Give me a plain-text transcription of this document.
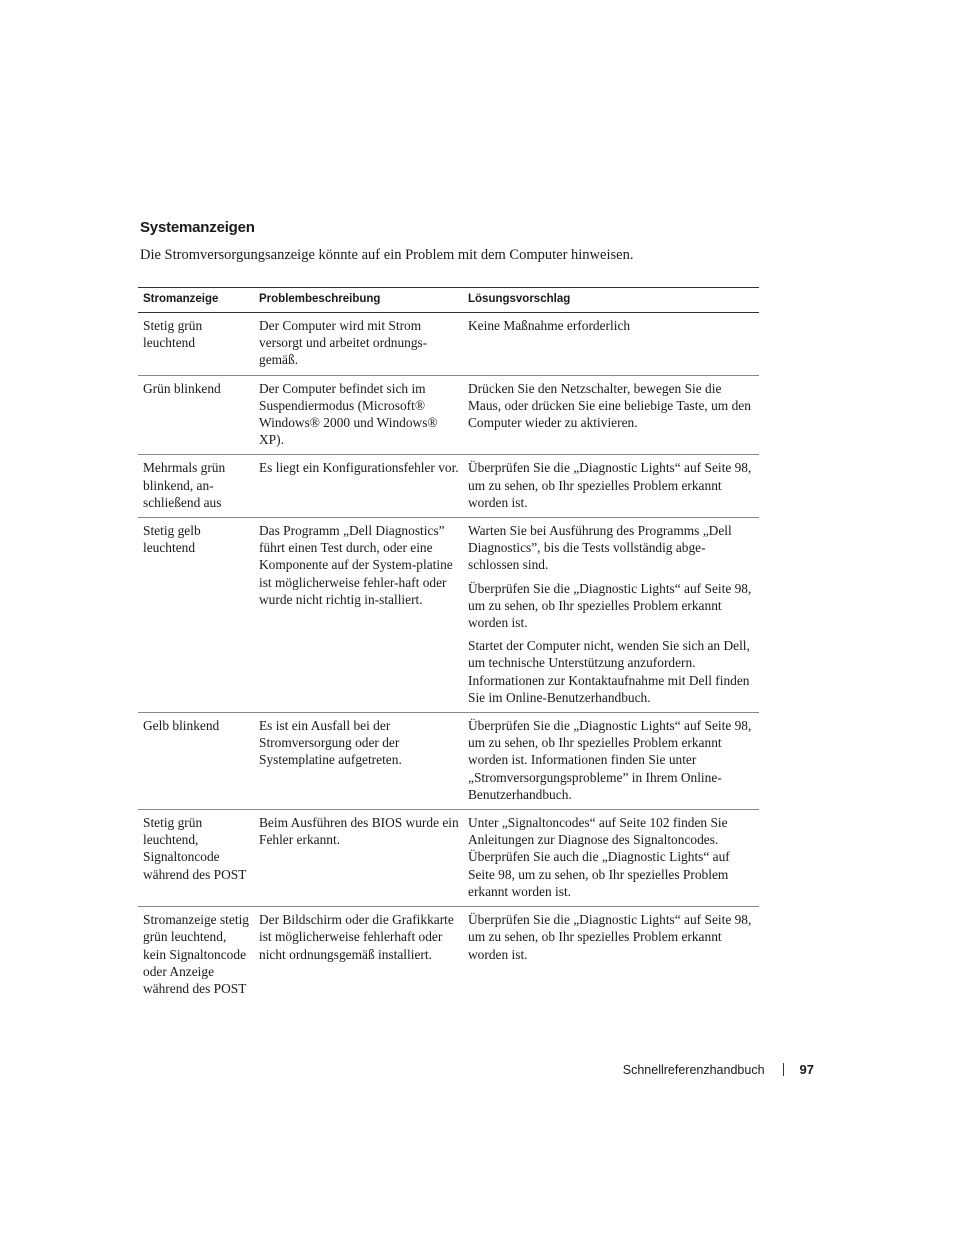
Systemanzeigen

Die Stromversorgungsanzeige könnte auf ein Problem mit dem Computer hinweisen.

Stromanzeige	Problembeschreibung	Lösungsvorschlag
Stetig grün leuchtend	Der Computer wird mit Strom versorgt und arbeitet ordnungs-gemäß.	Keine Maßnahme erforderlich

Grün blinkend	Der Computer befindet sich im Suspendiermodus (Microsoft® Windows® 2000 und Windows® XP).	Drücken Sie den Netzschalter, bewegen Sie die Maus, oder drücken Sie eine beliebige Taste, um den Computer wieder zu aktivieren.

Mehrmals grün blinkend, an-schließend aus	Es liegt ein Konfigurationsfehler vor.	Überprüfen Sie die „Diagnostic Lights“ auf Seite 98, um zu sehen, ob Ihr spezielles Problem erkannt worden ist.

Stetig gelb leuchtend	Das Programm „Dell Diagnostics” führt einen Test durch, oder eine Komponente auf der System-platine ist möglicherweise fehler-haft oder wurde nicht richtig in-stalliert.	Warten Sie bei Ausführung des Programms „Dell Diagnostics”, bis die Tests vollständig abge-schlossen sind.

Überprüfen Sie die „Diagnostic Lights“ auf Seite 98, um zu sehen, ob Ihr spezielles Problem erkannt worden ist.

Startet der Computer nicht, wenden Sie sich an Dell, um technische Unterstützung anzufordern. Informationen zur Kontaktaufnahme mit Dell finden Sie im Online-Benutzerhandbuch.

Gelb blinkend	Es ist ein Ausfall bei der Stromversorgung oder der Systemplatine aufgetreten.	Überprüfen Sie die „Diagnostic Lights“ auf Seite 98, um zu sehen, ob Ihr spezielles Problem erkannt worden ist. Informationen finden Sie unter „Stromversorgungsprobleme” in Ihrem Online-Benutzerhandbuch.

Stetig grün leuchtend, Signaltoncode während des POST	Beim Ausführen des BIOS wurde ein Fehler erkannt.	Unter „Signaltoncodes“ auf Seite 102 finden Sie Anleitungen zur Diagnose des Signaltoncodes. Überprüfen Sie auch die „Diagnostic Lights“ auf Seite 98, um zu sehen, ob Ihr spezielles Problem erkannt worden ist.

Stromanzeige stetig grün leuchtend, kein Signaltoncode oder Anzeige während des POST	Der Bildschirm oder die Grafikkarte ist möglicherweise fehlerhaft oder nicht ordnungsgemäß installiert.	Überprüfen Sie die „Diagnostic Lights“ auf Seite 98, um zu sehen, ob Ihr spezielles Problem erkannt worden ist.

Schnellreferenzhandbuch	97
